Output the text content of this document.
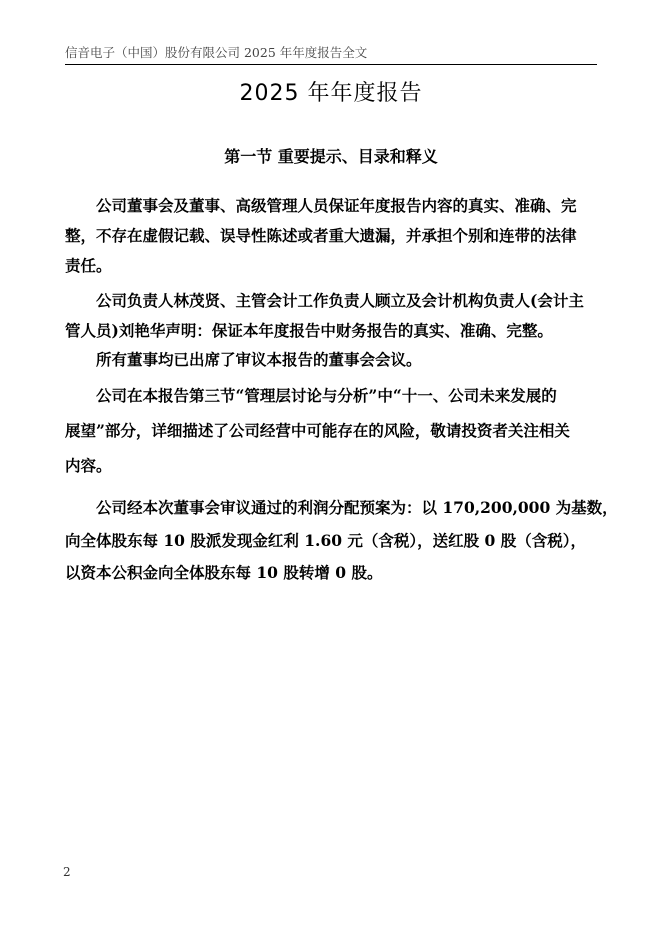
信音电子（中国）股份有限公司 2025 年年度报告全文
2025 年年度报告
第一节 重要提示、目录和释义
公司董事会及董事、高级管理人员保证年度报告内容的真实、准确、完
整，不存在虚假记载、误导性陈述或者重大遗漏，并承担个别和连带的法律
责任。
公司负责人林茂贤、主管会计工作负责人顾立及会计机构负责人(会计主
管人员)刘艳华声明：保证本年度报告中财务报告的真实、准确、完整。
所有董事均已出席了审议本报告的董事会会议。
公司在本报告第三节“管理层讨论与分析”中“十一、公司未来发展的
展望”部分，详细描述了公司经营中可能存在的风险，敬请投资者关注相关
内容。
公司经本次董事会审议通过的利润分配预案为：以 170,200,000 为基数，
向全体股东每 10 股派发现金红利 1.60 元（含税），送红股 0 股（含税），
以资本公积金向全体股东每 10 股转增 0 股。
2
